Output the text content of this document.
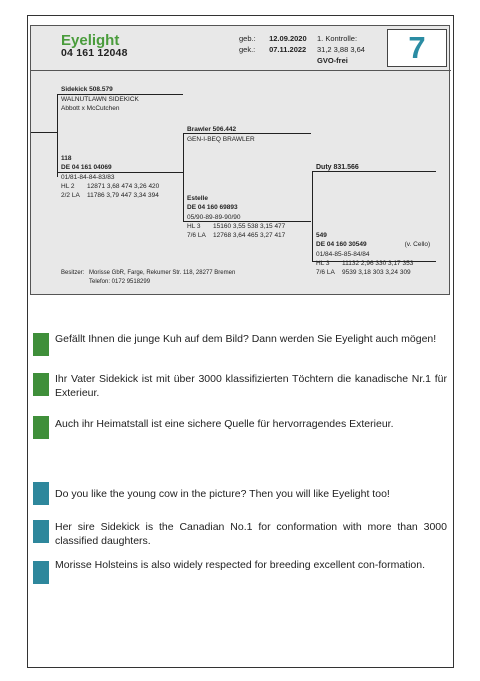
Eyelight
04 161 12048
geb.: 12.09.2020
gek.: 07.11.2022
1. Kontrolle:
31,2 3,88 3,64
GVO-frei	7
Sidekick 508.579
WALNUTLAWN SIDEKICK
Abbott x McCutchen
118
DE 04 161 04069
01/81-84-84-83/83
HL 2 12871 3,68 474 3,26 420
2/2 LA 11786 3,79 447 3,34 394
Brawler 506.442
GEN-I-BEQ BRAWLER
Estelle
DE 04 160 69893
05/90-89-89-90/90
HL 3 15160 3,55 538 3,15 477
7/6 LA 12768 3,64 465 3,27 417
Duty 831.566
549
DE 04 160 30549	(v. Cello)
01/84-85-85-84/84
HL 3 11132 2,96 330 3,17 353
7/6 LA 9539 3,18 303 3,24 309
Besitzer: Morisse GbR, Farge, Rekumer Str. 118, 28277 Bremen
Telefon: 0172 9518299
Gefällt Ihnen die junge Kuh auf dem Bild? Dann werden Sie Eyelight auch mögen!
Ihr Vater Sidekick ist mit über 3000 klassifizierten Töchtern die kanadische Nr.1 für Exterieur.
Auch ihr Heimatstall ist eine sichere Quelle für hervorragendes Exterieur.
Do you like the young cow in the picture? Then you will like Eyelight too!
Her sire Sidekick is the Canadian No.1 for conformation with more than 3000 classified daughters.
Morisse Holsteins is also widely respected for breeding excellent con-formation.
